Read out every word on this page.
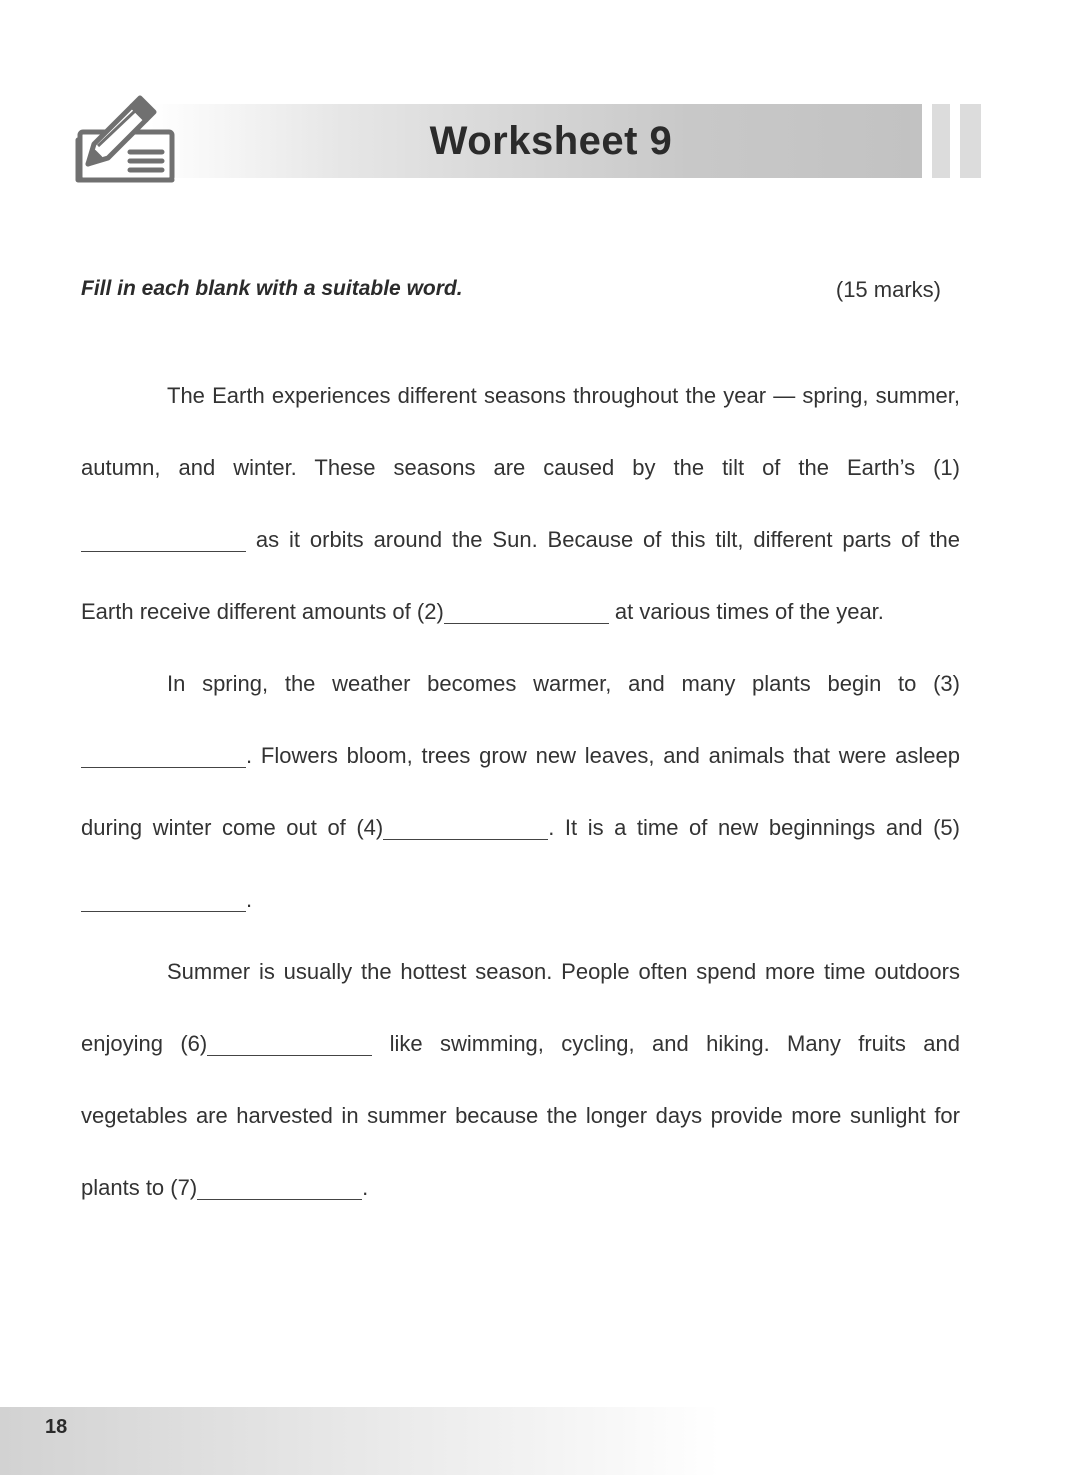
Worksheet 9
Fill in each blank with a suitable word.	(15 marks)

The Earth experiences different seasons throughout the year — spring, summer, autumn, and winter. These seasons are caused by the tilt of the Earth’s (1) as it orbits around the Sun. Because of this tilt, different parts of the Earth receive different amounts of (2)	at various times of the year.

In spring, the weather becomes warmer, and many plants begin to (3). Flowers bloom, trees grow new leaves, and animals that were asleep during winter come out of (4)	. It is a time of new beginnings and (5).

Summer is usually the hottest season. People often spend more time outdoors enjoying (6)	like swimming, cycling, and hiking. Many fruits and vegetables are harvested in summer because the longer days provide more sunlight for plants to (7)	.

18
